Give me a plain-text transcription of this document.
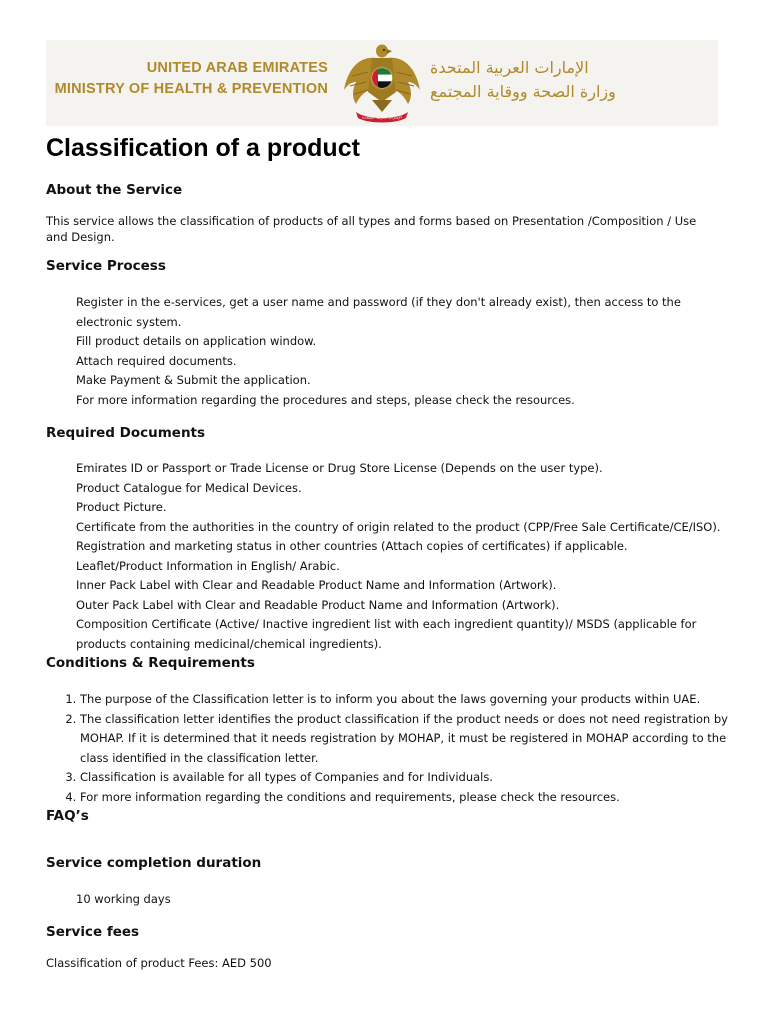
UNITED ARAB EMIRATES
MINISTRY OF HEALTH & PREVENTION
الإمارات العربية المتحدة
الإمارات العربية المتحدة
وزارة الصحة ووقاية المجتمع
Classification of a product
About the Service

This service allows the classification of products of all types and forms based on Presentation /Composition / Use and Design.

Service Process
Register in the e-services, get a user name and password (if they don't already exist), then access to the electronic system.
Fill product details on application window.
Attach required documents.
Make Payment & Submit the application.
For more information regarding the procedures and steps, please check the resources.
Required Documents
Emirates ID or Passport or Trade License or Drug Store License (Depends on the user type).
Product Catalogue for Medical Devices.
Product Picture.
Certificate from the authorities in the country of origin related to the product (CPP/Free Sale Certificate/CE/ISO).
Registration and marketing status in other countries (Attach copies of certificates) if applicable.
Leaflet/Product Information in English/ Arabic.
Inner Pack Label with Clear and Readable Product Name and Information (Artwork).
Outer Pack Label with Clear and Readable Product Name and Information (Artwork).
Composition Certificate (Active/ Inactive ingredient list with each ingredient quantity)/ MSDS (applicable for products containing medicinal/chemical ingredients).
Conditions & Requirements
1. The purpose of the Classification letter is to inform you about the laws governing your products within UAE.
2. The classification letter identifies the product classification if the product needs or does not need registration by MOHAP. If it is determined that it needs registration by MOHAP, it must be registered in MOHAP according to the class identified in the classification letter.
3. Classification is available for all types of Companies and for Individuals.
4. For more information regarding the conditions and requirements, please check the resources.
FAQ’s
Service completion duration
10 working days
Service fees
Classification of product Fees: AED 500
